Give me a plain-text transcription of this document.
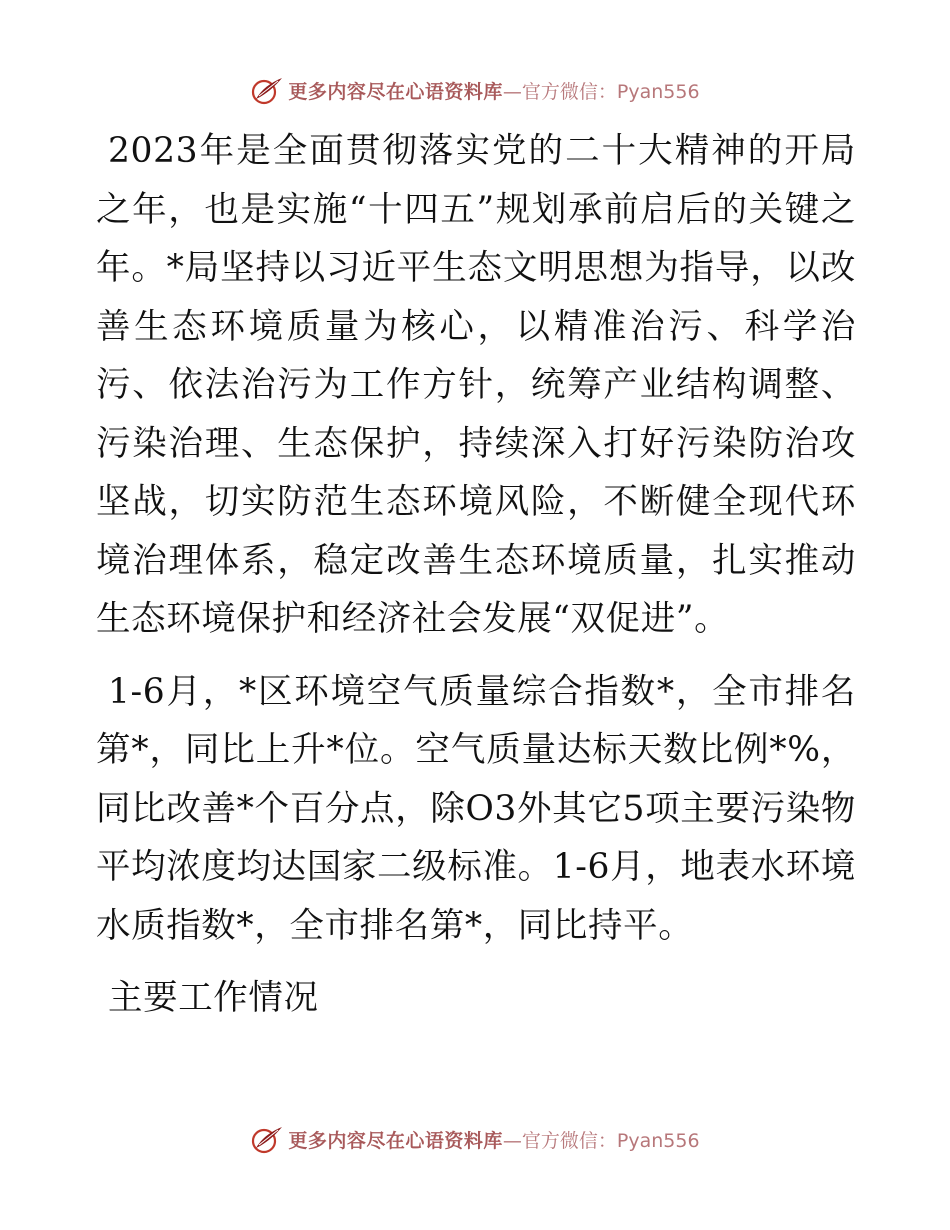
更多内容尽在心语资料库 —官方微信：Pyan556

2023年是全面贯彻落实党的二十大精神的开局之年，也是实施“十四五”规划承前启后的关键之年。*局坚持以习近平生态文明思想为指导，以改善生态环境质量为核心，以精准治污、科学治污、依法治污为工作方针，统筹产业结构调整、污染治理、生态保护，持续深入打好污染防治攻坚战，切实防范生态环境风险，不断健全现代环境治理体系，稳定改善生态环境质量，扎实推动生态环境保护和经济社会发展“双促进”。

1-6月，*区环境空气质量综合指数*，全市排名第*，同比上升*位。空气质量达标天数比例*%，同比改善*个百分点，除O3外其它5项主要污染物平均浓度均达国家二级标准。1-6月，地表水环境水质指数*，全市排名第*，同比持平。

主要工作情况

更多内容尽在心语资料库 —官方微信：Pyan556
